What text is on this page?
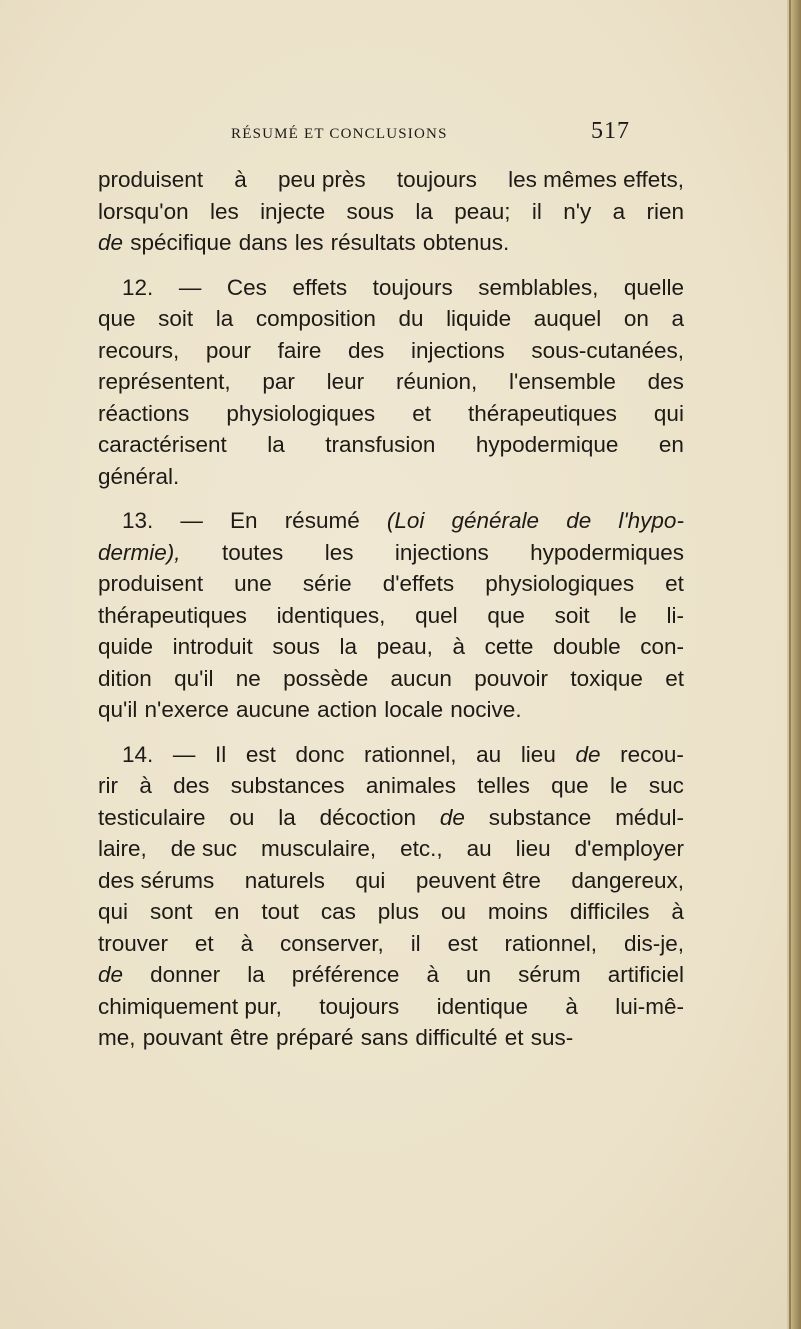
RÉSUMÉ ET CONCLUSIONS	517
produisent à peu près toujours les mêmes effets,
lorsqu'on les injecte sous la peau; il n'y a rien
de spécifique dans les résultats obtenus.
12. — Ces effets toujours semblables, quelle
que soit la composition du liquide auquel on a
recours, pour faire des injections sous-cutanées,
représentent, par leur réunion, l'ensemble des
réactions physiologiques et thérapeutiques qui
caractérisent la transfusion hypodermique en
général.
13. — En résumé (Loi générale de l'hypo-
dermie), toutes les injections hypodermiques
produisent une série d'effets physiologiques et
thérapeutiques identiques, quel que soit le li-
quide introduit sous la peau, à cette double con-
dition qu'il ne possède aucun pouvoir toxique et
qu'il n'exerce aucune action locale nocive.
14. — Il est donc rationnel, au lieu de recou-
rir à des substances animales telles que le suc
testiculaire ou la décoction de substance médul-
laire, de suc musculaire, etc., au lieu d'employer
des sérums naturels qui peuvent être dangereux,
qui sont en tout cas plus ou moins difficiles à
trouver et à conserver, il est rationnel, dis-je,
de donner la préférence à un sérum artificiel
chimiquement pur, toujours identique à lui-mê-
me, pouvant être préparé sans difficulté et sus-
